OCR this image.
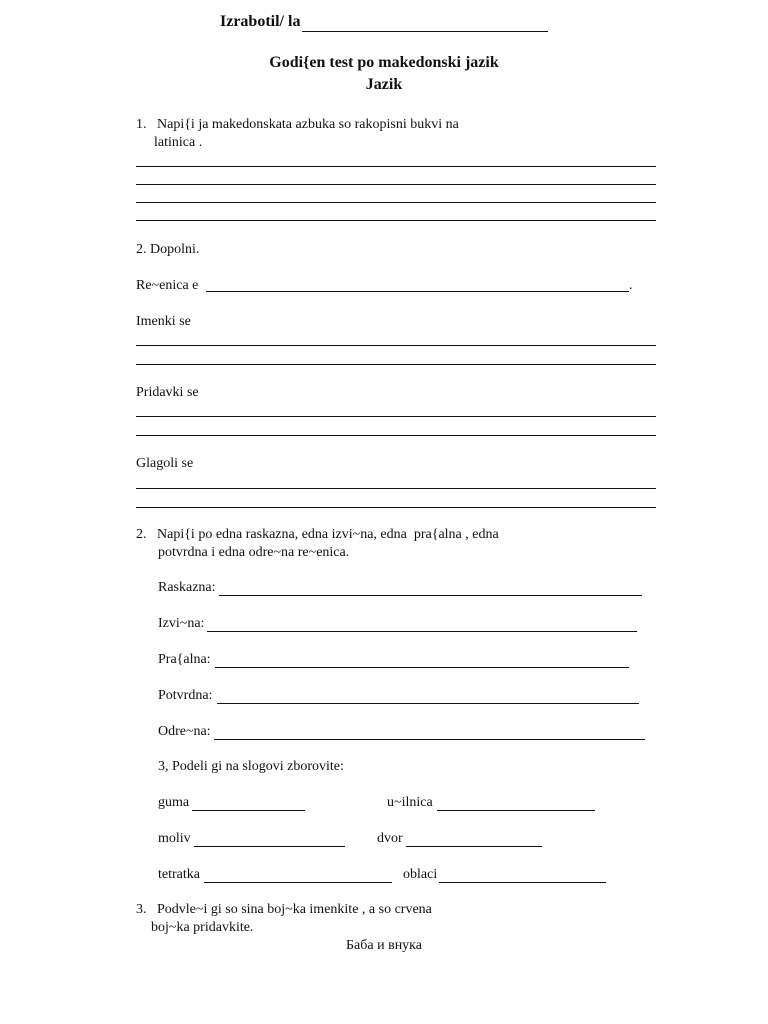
Izrabotil/ la
Godi{en test po makedonski jazik
Jazik
1.   Napi{i ja makedonskata azbuka so rakopisni bukvi na
latinica .
2. Dopolni.
Re~enica e	.
Imenki se
Pridavki se
Glagoli se
2.   Napi{i po edna raskazna, edna izvi~na, edna  pra{alna , edna
potvrdna i edna odre~na re~enica.
Raskazna:
Izvi~na:
Pra{alna:
Potvrdna:
Odre~na:
3, Podeli gi na slogovi zborovite:
guma	u~ilnica
moliv	dvor
tetratka	oblaci
3.   Podvle~i gi so sina boj~ka imenkite , a so crvena
boj~ka pridavkite.
Баба и внука
